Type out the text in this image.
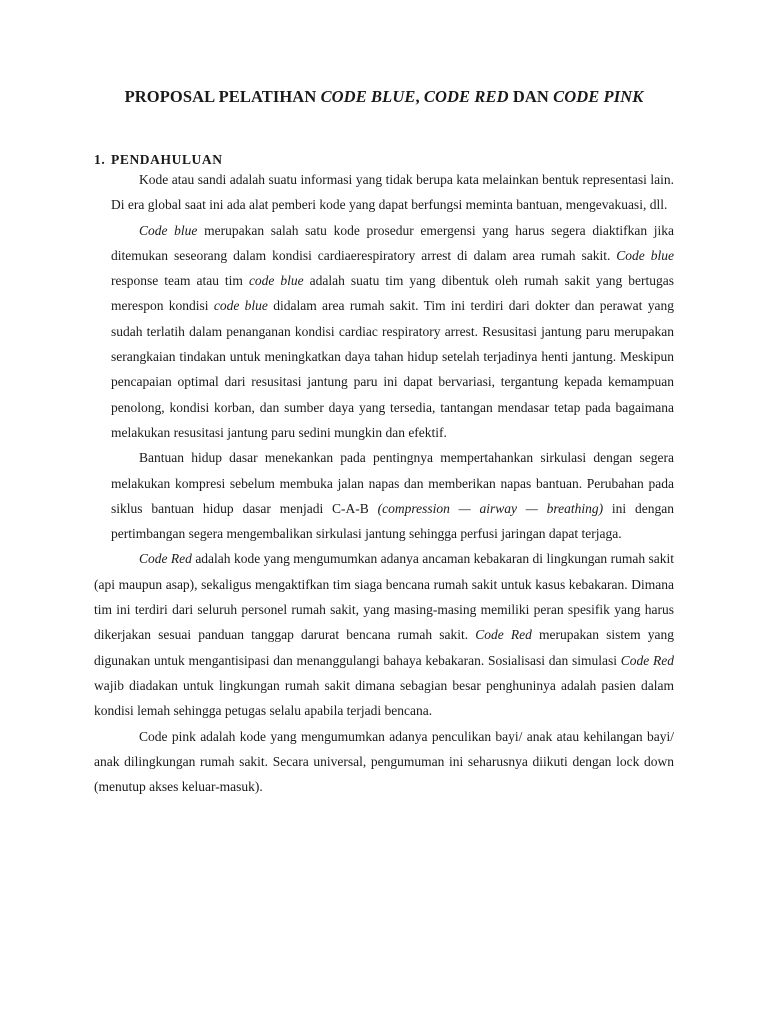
PROPOSAL PELATIHAN CODE BLUE, CODE RED DAN CODE PINK
1. PENDAHULUAN

Kode atau sandi adalah suatu informasi yang tidak berupa kata melainkan bentuk representasi lain. Di era global saat ini ada alat pemberi kode yang dapat berfungsi meminta bantuan, mengevakuasi, dll.

Code blue merupakan salah satu kode prosedur emergensi yang harus segera diaktifkan jika ditemukan seseorang dalam kondisi cardiaerespiratory arrest di dalam area rumah sakit. Code blue response team atau tim code blue adalah suatu tim yang dibentuk oleh rumah sakit yang bertugas merespon kondisi code blue didalam area rumah sakit. Tim ini terdiri dari dokter dan perawat yang sudah terlatih dalam penanganan kondisi cardiac respiratory arrest. Resusitasi jantung paru merupakan serangkaian tindakan untuk meningkatkan daya tahan hidup setelah terjadinya henti jantung. Meskipun pencapaian optimal dari resusitasi jantung paru ini dapat bervariasi, tergantung kepada kemampuan penolong, kondisi korban, dan sumber daya yang tersedia, tantangan mendasar tetap pada bagaimana melakukan resusitasi jantung paru sedini mungkin dan efektif.

Bantuan hidup dasar menekankan pada pentingnya mempertahankan sirkulasi dengan segera melakukan kompresi sebelum membuka jalan napas dan memberikan napas bantuan. Perubahan pada siklus bantuan hidup dasar menjadi C-A-B (compression — airway — breathing) ini dengan pertimbangan segera mengembalikan sirkulasi jantung sehingga perfusi jaringan dapat terjaga.

Code Red adalah kode yang mengumumkan adanya ancaman kebakaran di lingkungan rumah sakit (api maupun asap), sekaligus mengaktifkan tim siaga bencana rumah sakit untuk kasus kebakaran. Dimana tim ini terdiri dari seluruh personel rumah sakit, yang masing-masing memiliki peran spesifik yang harus dikerjakan sesuai panduan tanggap darurat bencana rumah sakit. Code Red merupakan sistem yang digunakan untuk mengantisipasi dan menanggulangi bahaya kebakaran. Sosialisasi dan simulasi Code Red wajib diadakan untuk lingkungan rumah sakit dimana sebagian besar penghuninya adalah pasien dalam kondisi lemah sehingga petugas selalu apabila terjadi bencana.

Code pink adalah kode yang mengumumkan adanya penculikan bayi/ anak atau kehilangan bayi/ anak dilingkungan rumah sakit. Secara universal, pengumuman ini seharusnya diikuti dengan lock down (menutup akses keluar-masuk).
